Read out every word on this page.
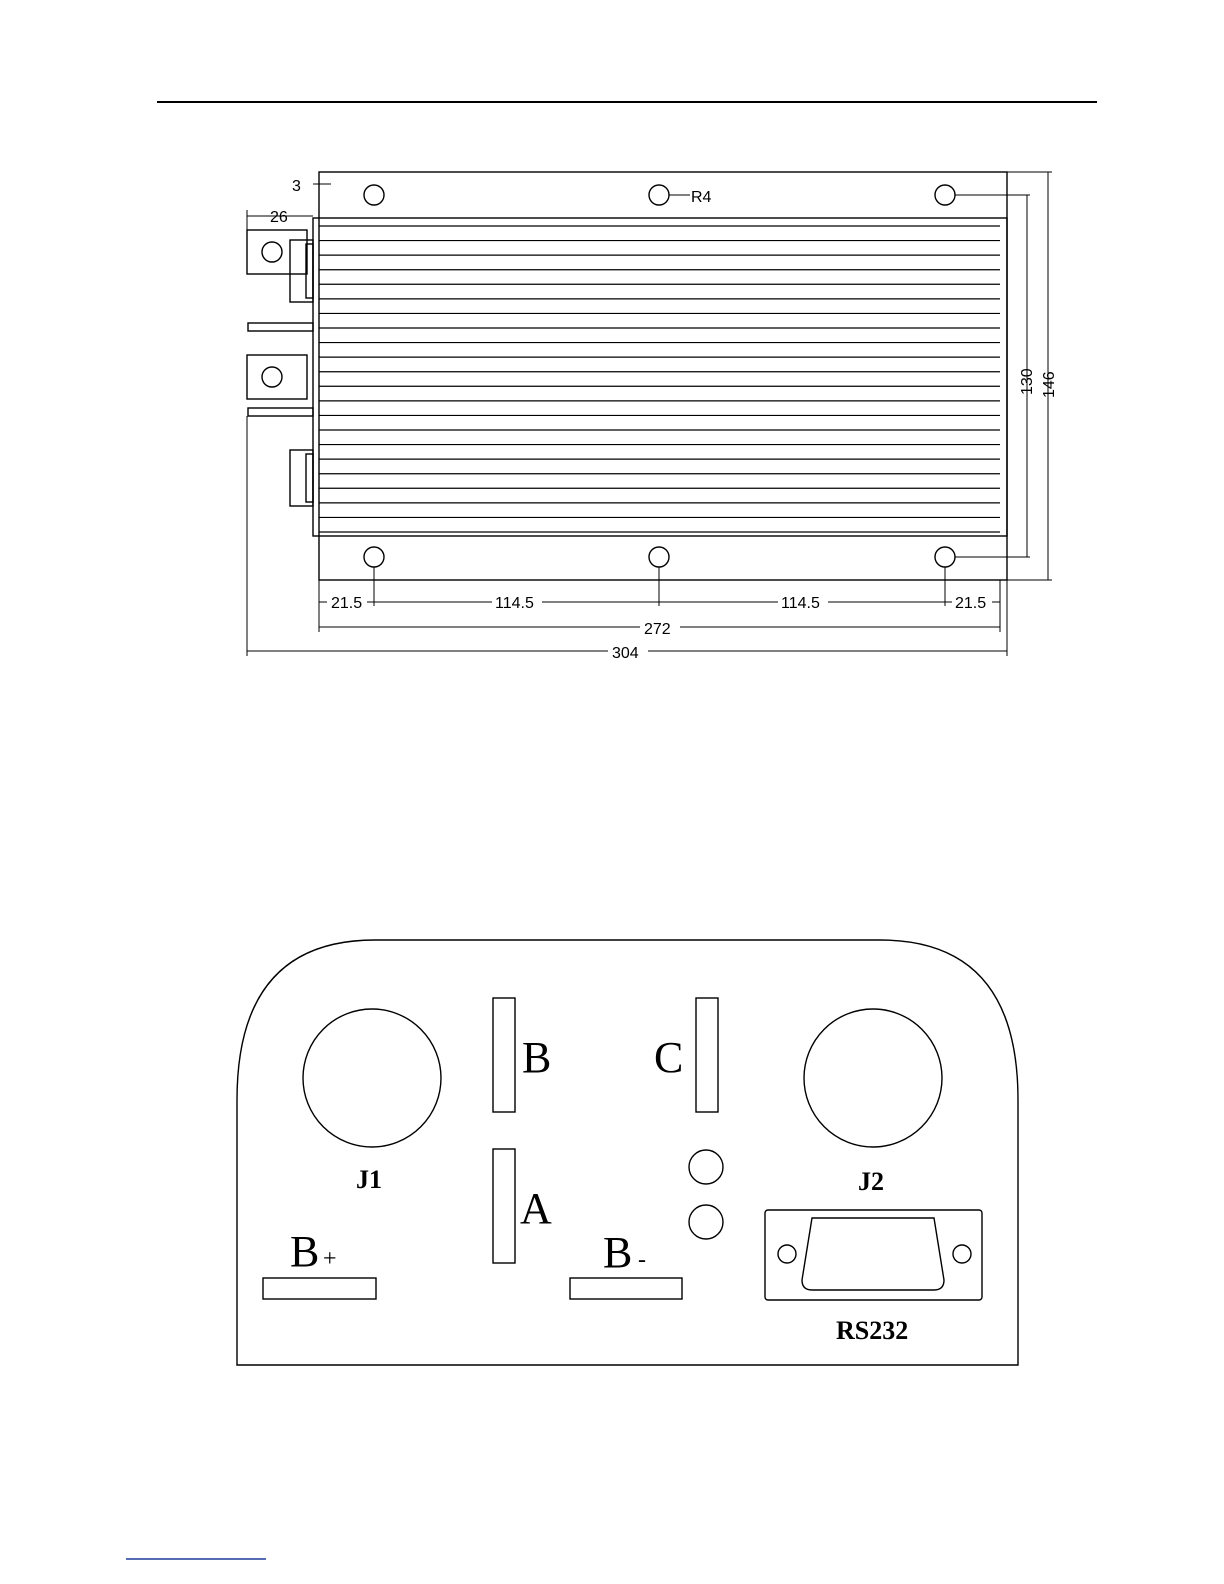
3
26
R4
130 146
21.5	114.5	114.5	21.5
272
304
J1	J2
B C
A
B +	B -
RS232
